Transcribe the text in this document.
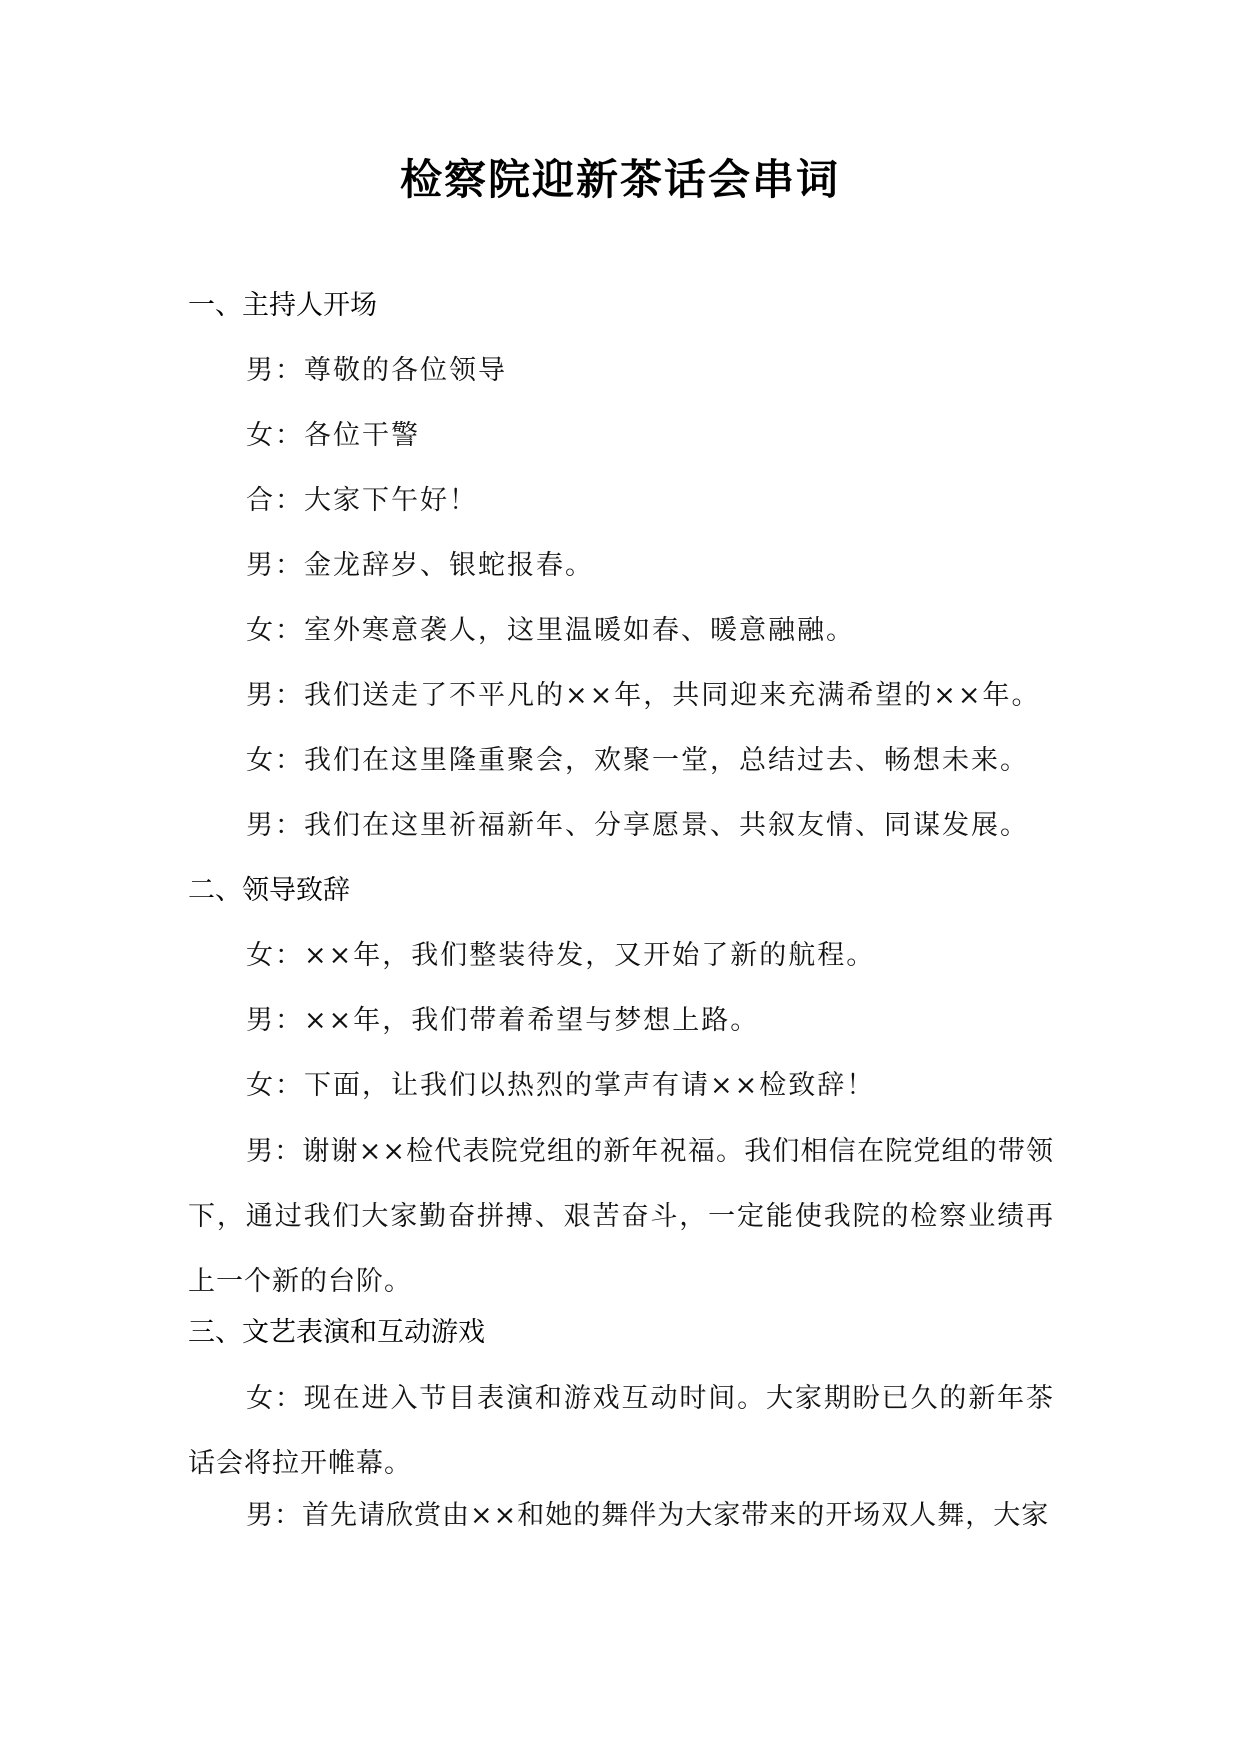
检察院迎新茶话会串词
一、主持人开场
男：尊敬的各位领导
女：各位干警
合：大家下午好！
男：金龙辞岁、银蛇报春。
女：室外寒意袭人，这里温暖如春、暖意融融。
男：我们送走了不平凡的××年，共同迎来充满希望的××年。
女：我们在这里隆重聚会，欢聚一堂，总结过去、畅想未来。
男：我们在这里祈福新年、分享愿景、共叙友情、同谋发展。
二、领导致辞
女：××年，我们整装待发，又开始了新的航程。
男：××年，我们带着希望与梦想上路。
女：下面，让我们以热烈的掌声有请××检致辞！

男：谢谢××检代表院党组的新年祝福。我们相信在院党组的带领下，通过我们大家勤奋拼搏、艰苦奋斗，一定能使我院的检察业绩再上一个新的台阶。

三、文艺表演和互动游戏

女：现在进入节目表演和游戏互动时间。大家期盼已久的新年茶话会将拉开帷幕。

男：首先请欣赏由××和她的舞伴为大家带来的开场双人舞，大家
